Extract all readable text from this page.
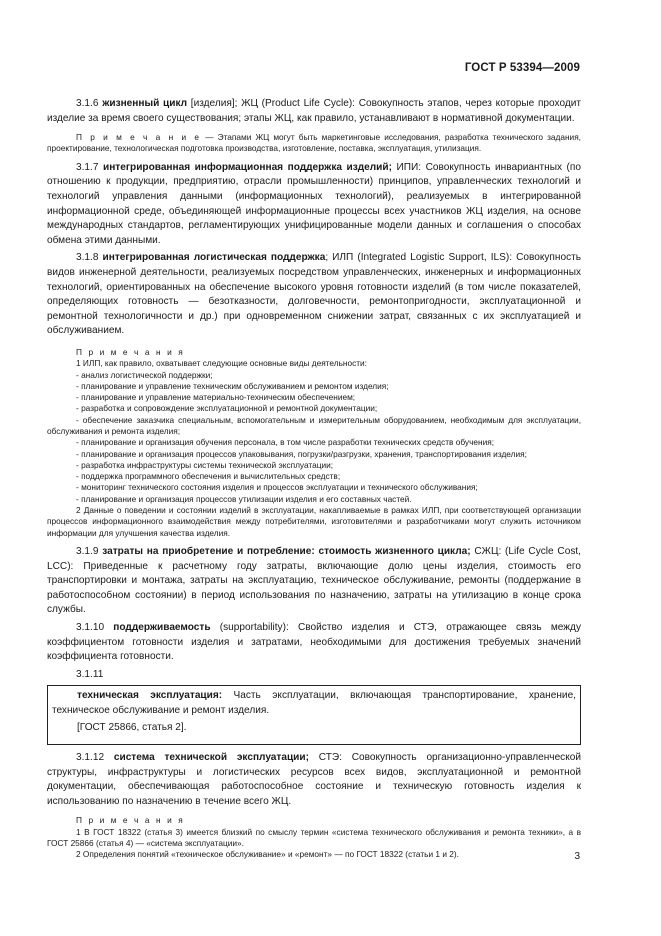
ГОСТ Р 53394—2009

3.1.6 жизненный цикл [изделия]; ЖЦ (Product Life Cycle): Совокупность этапов, через которые проходит изделие за время своего существования; этапы ЖЦ, как правило, устанавливают в нормативной документации.

П р и м е ч а н и е — Этапами ЖЦ могут быть маркетинговые исследования, разработка технического задания, проектирование, технологическая подготовка производства, изготовление, поставка, эксплуатация, утилизация.

3.1.7 интегрированная информационная поддержка изделий; ИПИ: Совокупность инвариантных (по отношению к продукции, предприятию, отрасли промышленности) принципов, управленческих технологий и технологий управления данными (информационных технологий), реализуемых в интегрированной информационной среде, объединяющей информационные процессы всех участников ЖЦ изделия, на основе международных стандартов, регламентирующих унифицированные модели данных и соглашения о способах обмена этими данными.

3.1.8 интегрированная логистическая поддержка; ИЛП (Integrated Logistic Support, ILS): Совокупность видов инженерной деятельности, реализуемых посредством управленческих, инженерных и информационных технологий, ориентированных на обеспечение высокого уровня готовности изделий (в том числе показателей, определяющих готовность — безотказности, долговечности, ремонтопригодности, эксплуатационной и ремонтной технологичности и др.) при одновременном снижении затрат, связанных с их эксплуатацией и обслуживанием.

П р и м е ч а н и я

1 ИЛП, как правило, охватывает следующие основные виды деятельности:

- анализ логистической поддержки;

- планирование и управление техническим обслуживанием и ремонтом изделия;

- планирование и управление материально-техническим обеспечением;

- разработка и сопровождение эксплуатационной и ремонтной документации;

- обеспечение заказчика специальным, вспомогательным и измерительным оборудованием, необходимым для эксплуатации, обслуживания и ремонта изделия;

- планирование и организация обучения персонала, в том числе разработки технических средств обучения;

- планирование и организация процессов упаковывания, погрузки/разгрузки, хранения, транспортирования изделия;

- разработка инфраструктуры системы технической эксплуатации;

- поддержка программного обеспечения и вычислительных средств;

- мониторинг технического состояния изделия и процессов эксплуатации и технического обслуживания;

- планирование и организация процессов утилизации изделия и его составных частей.

2 Данные о поведении и состоянии изделий в эксплуатации, накапливаемые в рамках ИЛП, при соответствующей организации процессов информационного взаимодействия между потребителями, изготовителями и разработчиками могут служить источником информации для улучшения качества изделия.

3.1.9 затраты на приобретение и потребление: стоимость жизненного цикла; СЖЦ: (Life Cycle Cost, LCC): Приведенные к расчетному году затраты, включающие долю цены изделия, стоимость его транспортировки и монтажа, затраты на эксплуатацию, техническое обслуживание, ремонты (поддержание в работоспособном состоянии) в период использования по назначению, затраты на утилизацию в конце срока службы.

3.1.10 поддерживаемость (supportability): Свойство изделия и СТЭ, отражающее связь между коэффициентом готовности изделия и затратами, необходимыми для достижения требуемых значений коэффициента готовности.

3.1.11

техническая эксплуатация: Часть эксплуатации, включающая транспортирование, хранение, техническое обслуживание и ремонт изделия.

[ГОСТ 25866, статья 2].

3.1.12 система технической эксплуатации; СТЭ: Совокупность организационно-управленческой структуры, инфраструктуры и логистических ресурсов всех видов, эксплуатационной и ремонтной документации, обеспечивающая работоспособное состояние и техническую готовность изделия к использованию по назначению в течение всего ЖЦ.

П р и м е ч а н и я

1 В ГОСТ 18322 (статья 3) имеется близкий по смыслу термин «система технического обслуживания и ремонта техники», а в ГОСТ 25866 (статья 4) — «система эксплуатации».

2 Определения понятий «техническое обслуживание» и «ремонт» — по ГОСТ 18322 (статьи 1 и 2).	3
